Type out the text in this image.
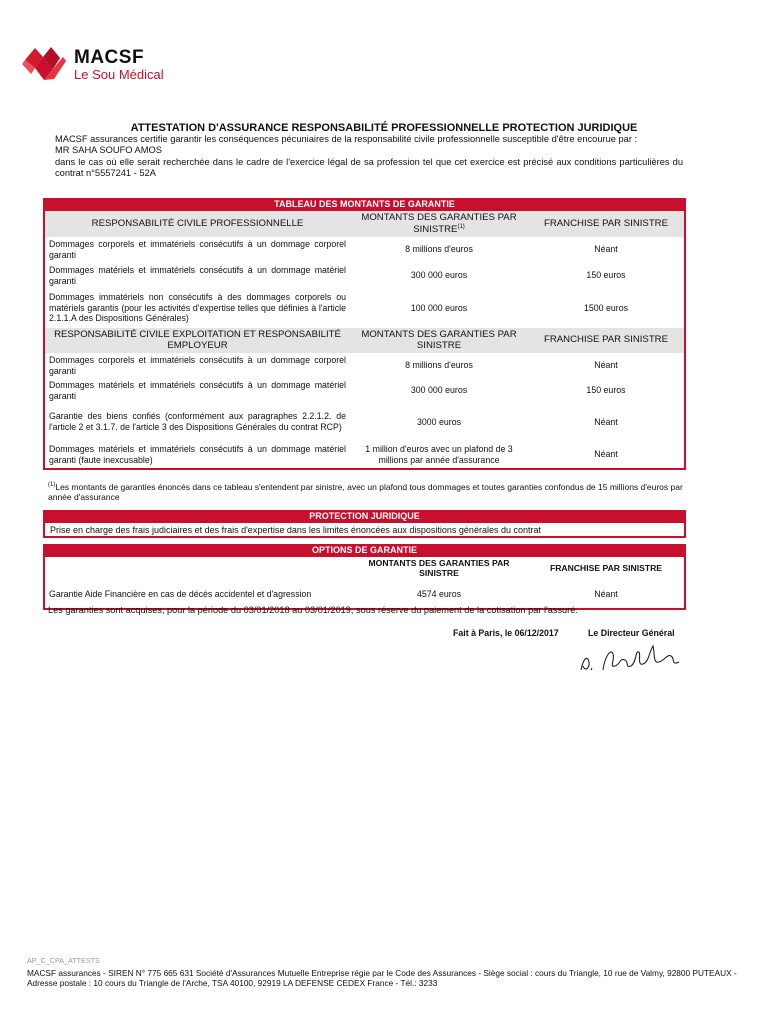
MACSF
Le Sou Médical
ATTESTATION D'ASSURANCE RESPONSABILITÉ PROFESSIONNELLE PROTECTION JURIDIQUE

MACSF assurances certifie garantir les conséquences pécuniaires de la responsabilité civile professionnelle susceptible d'être encourue par :

MR SAHA SOUFO AMOS

dans le cas où elle serait recherchée dans le cadre de l'exercice légal de sa profession tel que cet exercice est précisé aux conditions particulières du contrat n°5557241 - 52A

TABLEAU DES MONTANTS DE GARANTIE
RESPONSABILITÉ CIVILE PROFESSIONNELLE	MONTANTS DES GARANTIES PAR SINISTRE$^{(1)}$	FRANCHISE PAR SINISTRE
Dommages corporels et immatériels consécutifs à un dommage corporel garanti	8 millions d'euros	Néant
Dommages matériels et immatériels consécutifs à un dommage matériel garanti	300 000 euros	150 euros
Dommages immatériels non consécutifs à des dommages corporels ou matériels garantis (pour les activités d'expertise telles que définies à l'article 2.1.1.A des Dispositions Générales)	100 000 euros	1500 euros
RESPONSABILITÉ CIVILE EXPLOITATION ET RESPONSABILITÉ EMPLOYEUR	MONTANTS DES GARANTIES PAR SINISTRE	FRANCHISE PAR SINISTRE
Dommages corporels et immatériels consécutifs à un dommage corporel garanti	8 millions d'euros	Néant
Dommages matériels et immatériels consécutifs à un dommage matériel garanti	300 000 euros	150 euros
Garantie des biens confiés (conformément aux paragraphes 2.2.1.2. de l'article 2 et 3.1.7. de l'article 3 des Dispositions Générales du contrat RCP)	3000 euros	Néant
Dommages matériels et immatériels consécutifs à un dommage matériel garanti (faute inexcusable)	1 million d'euros avec un plafond de 3 millions par année d'assurance	Néant
$^{(1)}$Les montants de garanties énoncés dans ce tableau s'entendent par sinistre, avec un plafond tous dommages et toutes garanties confondus de 15 millions d'euros par année d'assurance
PROTECTION JURIDIQUE
Prise en charge des frais judiciaires et des frais d'expertise dans les limites énoncées aux dispositions générales du contrat
OPTIONS DE GARANTIE
	MONTANTS DES GARANTIES PAR SINISTRE	FRANCHISE PAR SINISTRE
Garantie Aide Financière en cas de décès accidentel et d'agression	4574 euros	Néant
Les garanties sont acquises, pour la période du 03/01/2018 au 03/01/2019, sous réserve du paiement de la cotisation par l'assuré.
Fait à Paris, le 06/12/2017	Le Directeur Général
AP_C_CPA_ATTESTS
MACSF assurances - SIREN N° 775 665 631 Société d'Assurances Mutuelle Entreprise régie par le Code des Assurances - Siège social : cours du Triangle, 10 rue de Valmy, 92800 PUTEAUX - Adresse postale : 10 cours du Triangle de l'Arche, TSA 40100, 92919 LA DEFENSE CEDEX France - Tél.: 3233
